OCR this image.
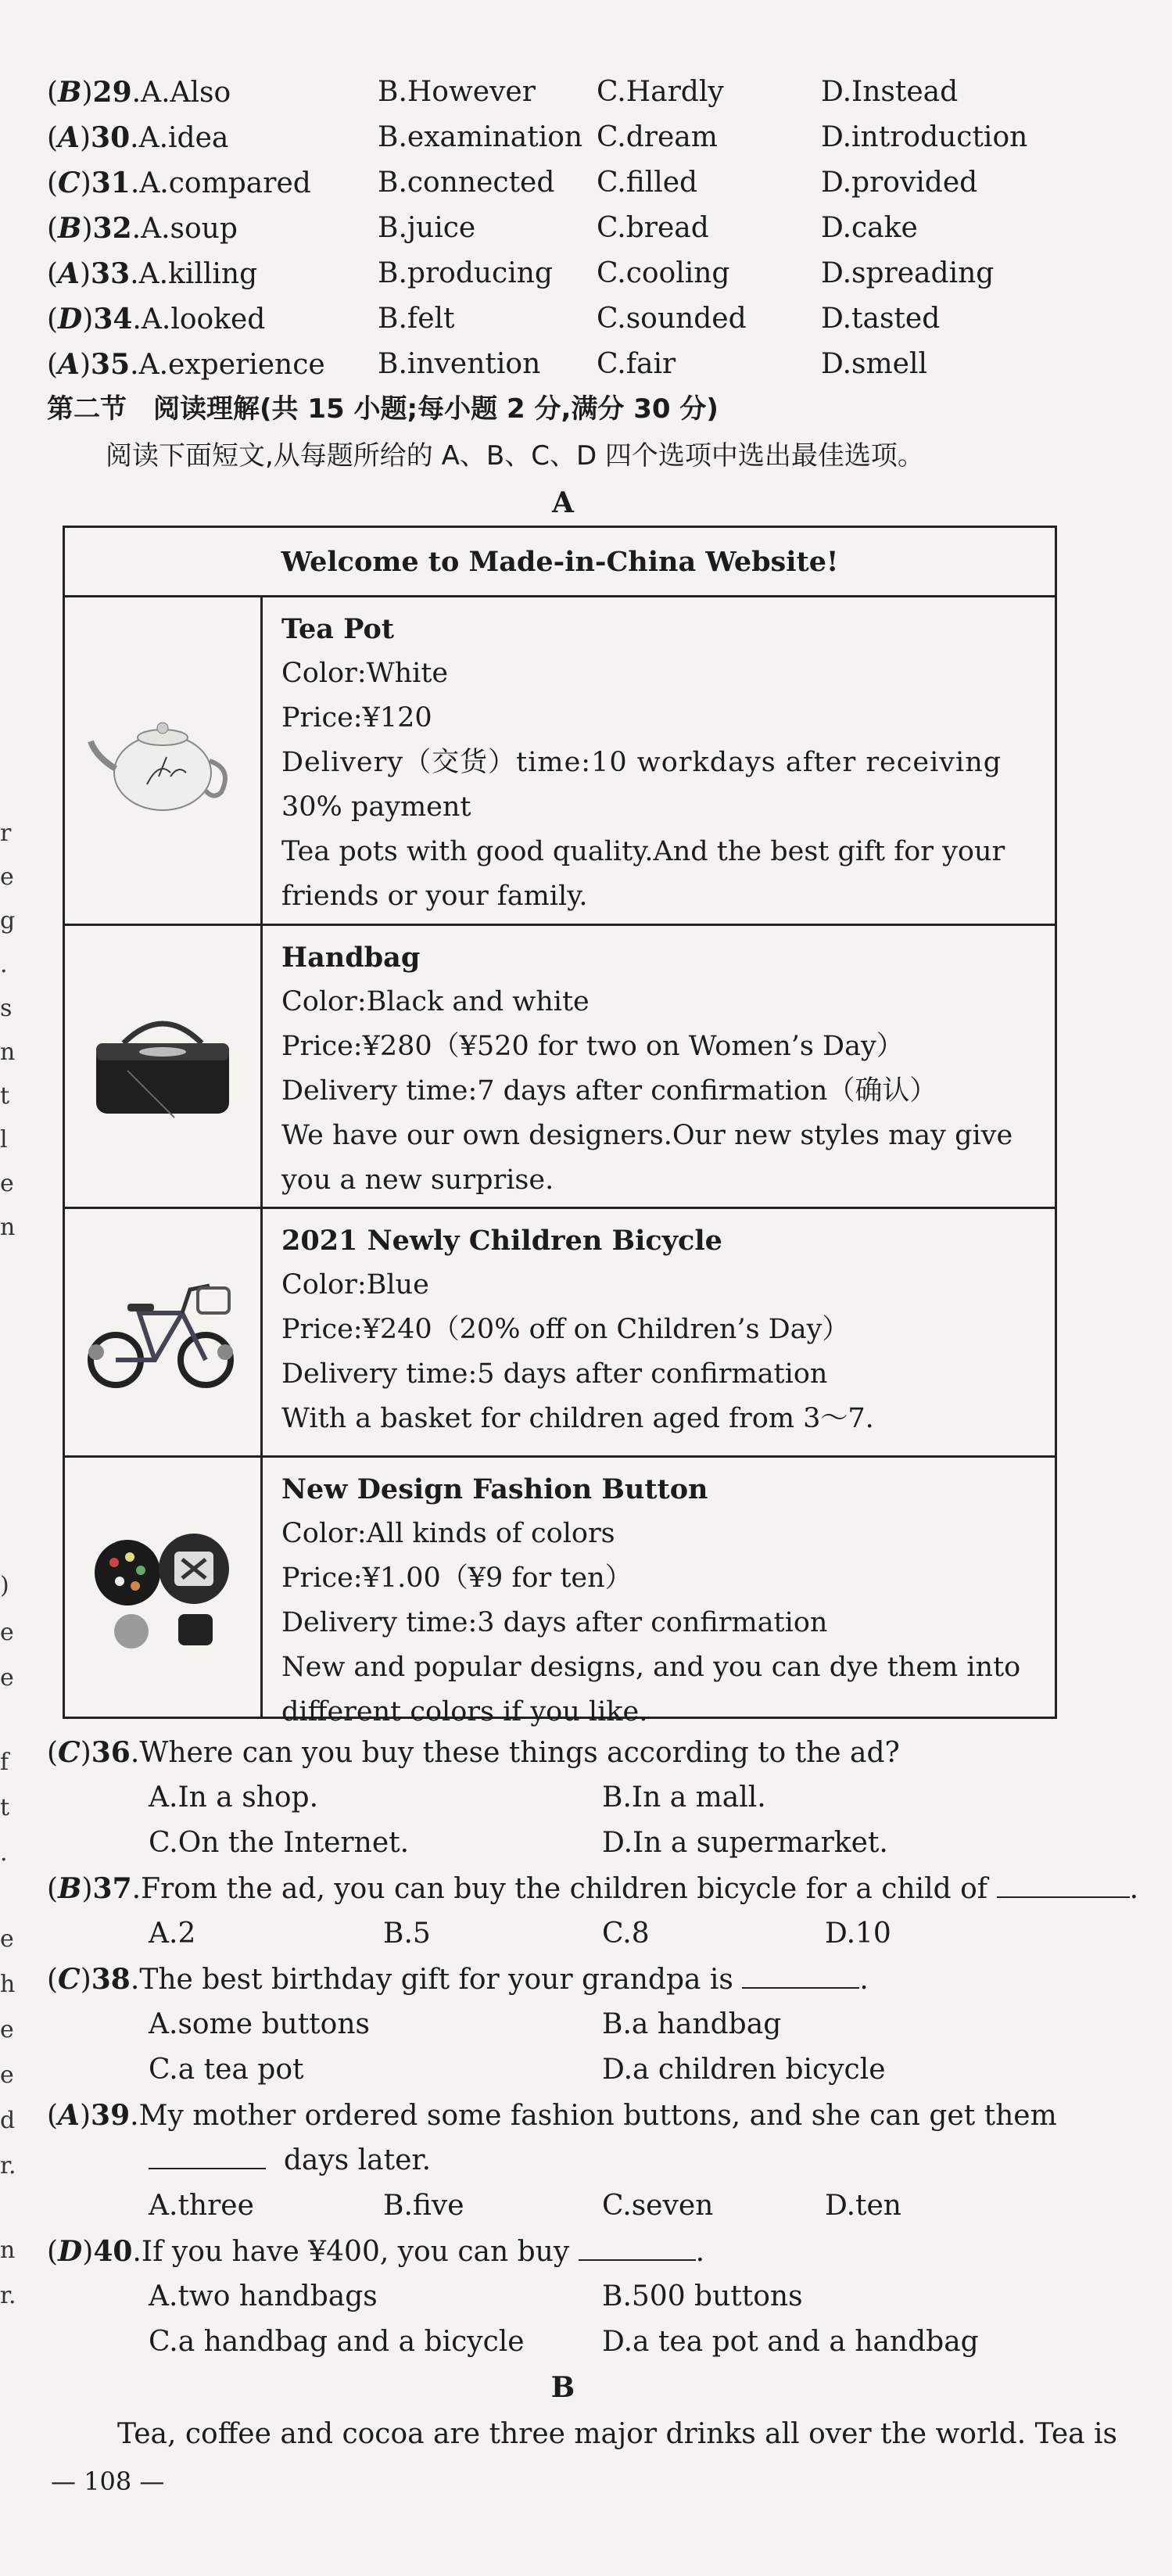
r
e
g
.
s
n
t
l
e
n
)
e
e
f
t
.
e
h
e
e
d
r.
n
r.
(B)29.A.Also	B.However C.Hardly	D.Instead
(A)30.A.idea	B.examination C.dream	D.introduction
(C)31.A.compared B.connected C.filled	D.provided
(B)32.A.soup	B.juice	C.bread	D.cake
(A)33.A.killing	B.producing C.cooling	D.spreading
(D)34.A.looked	B.felt	C.sounded	D.tasted
(A)35.A.experience B.invention C.fair	D.smell
第二节　阅读理解(共 15 小题;每小题 2 分,满分 30 分)
阅读下面短文,从每题所给的 A、B、C、D 四个选项中选出最佳选项。
A
Welcome to Made-in-China Website!

Tea Pot

Color:White

Price:¥120

Delivery（交货）time:10 workdays after receiving

30% payment

Tea pots with good quality.And the best gift for your

friends or your family.

Handbag

Color:Black and white

Price:¥280（¥520 for two on Women’s Day）

Delivery time:7 days after confirmation（确认）

We have our own designers.Our new styles may give

you a new surprise.

2021 Newly Children Bicycle

Color:Blue

Price:¥240（20% off on Children’s Day）

Delivery time:5 days after confirmation

With a basket for children aged from 3～7.

New Design Fashion Button

Color:All kinds of colors

Price:¥1.00（¥9 for ten）

Delivery time:3 days after confirmation

New and popular designs, and you can dye them into

different colors if you like.

(C)36.Where can you buy these things according to the ad?
A.In a shop.	B.In a mall.
C.On the Internet.	D.In a supermarket.
(B)37.From the ad, you can buy the children bicycle for a child of	.
A.2	B.5	C.8	D.10
(C)38.The best birthday gift for your grandpa is	.
A.some buttons	B.a handbag
C.a tea pot	D.a children bicycle
(A)39.My mother ordered some fashion buttons, and she can get them
days later.
A.three	B.five	C.seven	D.ten
(D)40.If you have ¥400, you can buy	.
A.two handbags	B.500 buttons
C.a handbag and a bicycle	D.a tea pot and a handbag
B
Tea, coffee and cocoa are three major drinks all over the world. Tea is
— 108 —
